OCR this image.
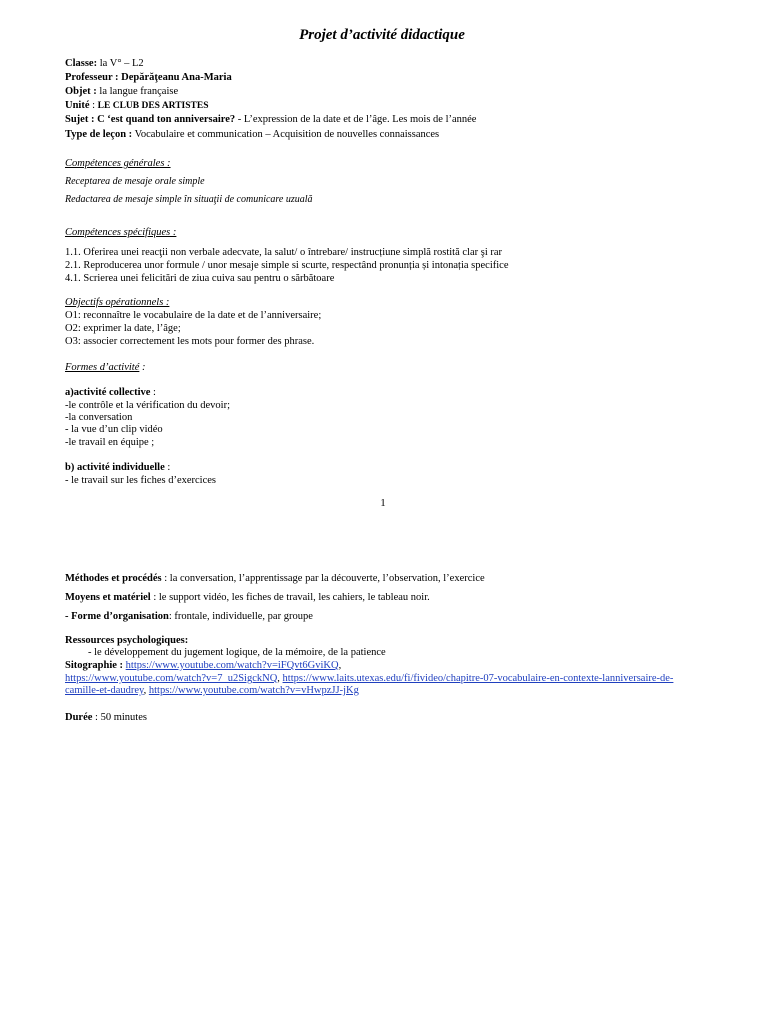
Projet d’activité didactique
Classe: la V° – L2
Professeur : Depărăţeanu Ana-Maria
Objet : la langue française
Unité : LE CLUB DES ARTISTES
Sujet : C ‘est quand ton anniversaire? - L’expression de la date et de l’âge. Les mois de l’année
Type de leçon : Vocabulaire et communication – Acquisition de nouvelles connaissances
Compétences générales :
Receptarea de mesaje orale simple
Redactarea de mesaje simple în situaţii de comunicare uzuală
Compétences spécifiques :
1.1. Oferirea unei reacţii non verbale adecvate, la salut/ o întrebare/ instrucțiune simplă rostită clar şi rar
2.1. Reproducerea unor formule / unor mesaje simple si scurte, respectând pronunția și intonația specifice
4.1. Scrierea unei felicitări de ziua cuiva sau pentru o sărbătoare
Objectifs opérationnels :
O1: reconnaître le vocabulaire de la date et de l’anniversaire;
O2: exprimer la date, l’âge;
O3: associer correctement les mots pour former des phrase.
Formes d’activité :
a)activité collective :
-le contrôle et la vérification du devoir;
-la conversation
- la vue d’un clip vidéo
-le travail en équipe ;
b) activité individuelle :
- le travail sur les fiches d’exercices
1
Méthodes et procédés : la conversation, l’apprentissage par la découverte, l’observation, l’exercice
Moyens et matériel : le support vidéo, les fiches de travail, les cahiers, le tableau noir.
- Forme d’organisation: frontale, individuelle, par groupe
Ressources psychologiques:
- le développement du jugement logique, de la mémoire, de la patience
Sitographie : https://www.youtube.com/watch?v=iFQvt6GviKQ,
https://www.youtube.com/watch?v=7_u2SigckNQ, https://www.laits.utexas.edu/fi/fivideo/chapitre-07-vocabulaire-en-contexte-lanniversaire-de-
camille-et-daudrey, https://www.youtube.com/watch?v=vHwpzJJ-jKg
Durée : 50 minutes
